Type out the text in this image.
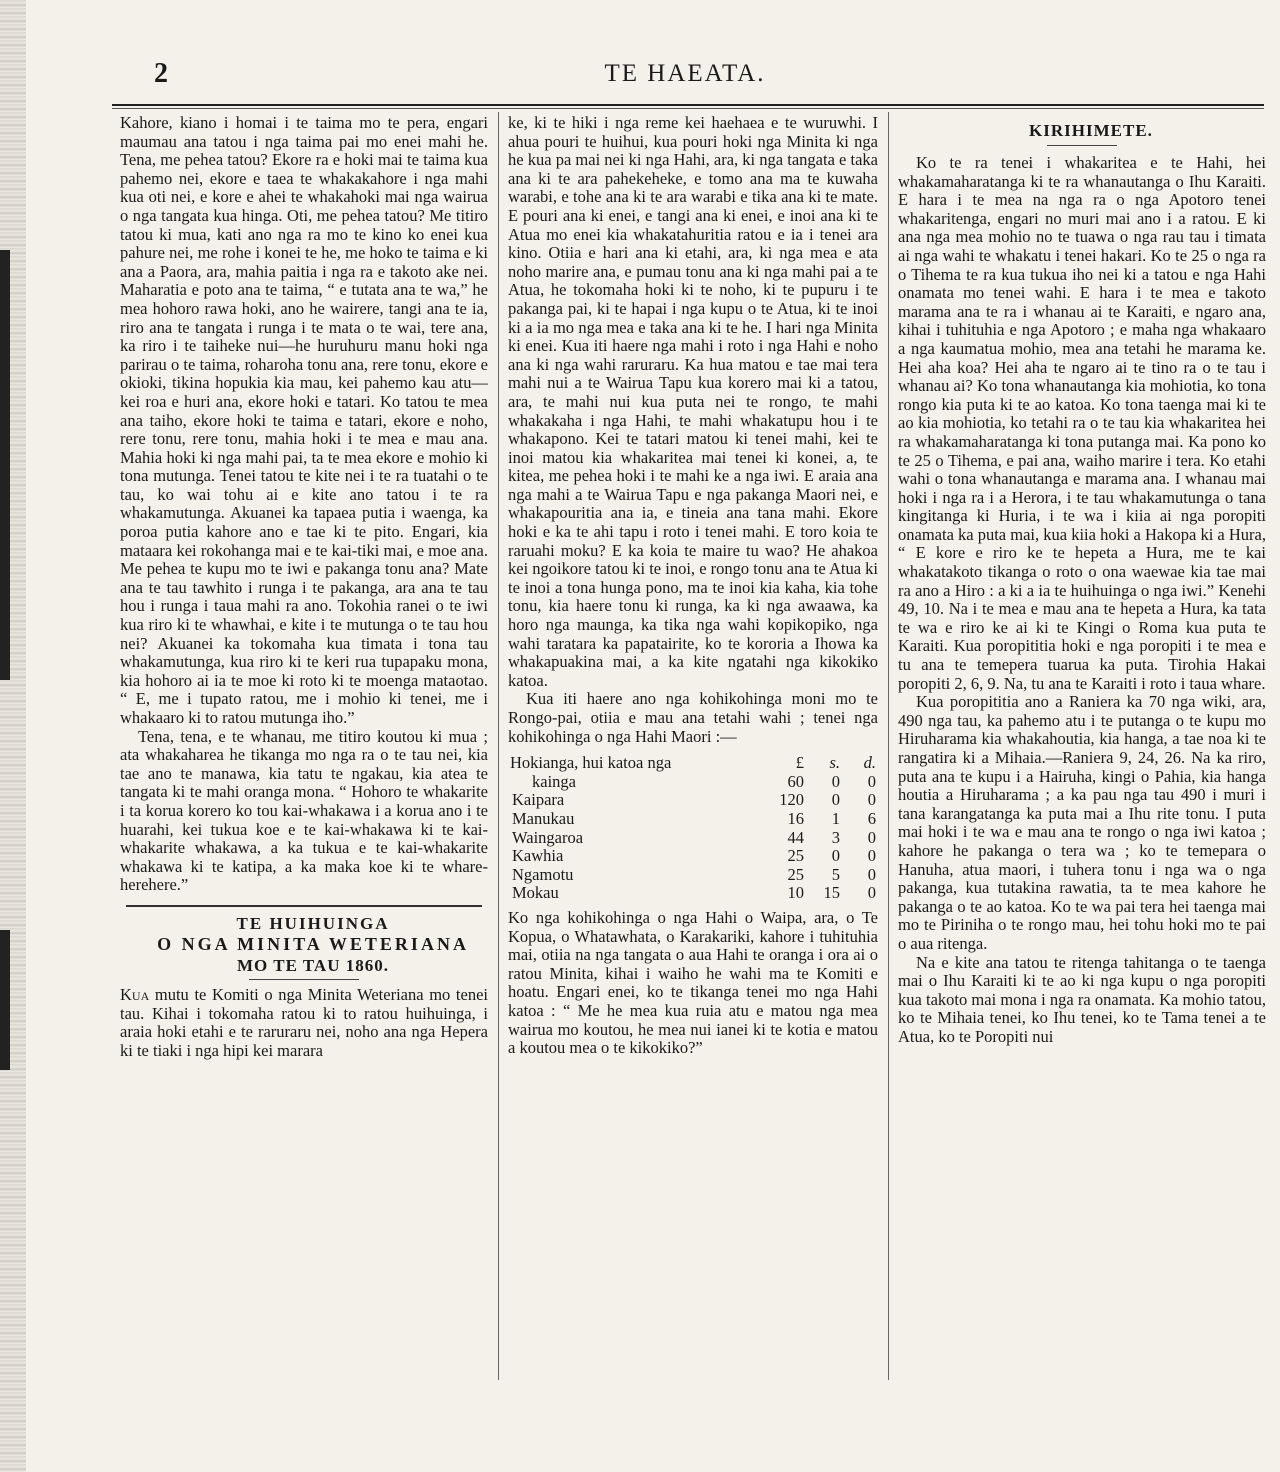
2	TE HAEATA.

Kahore, kiano i homai i te taima mo te pera, engari maumau ana tatou i nga taima pai mo enei mahi he. Tena, me pehea tatou? Ekore ra e hoki mai te taima kua pahemo nei, ekore e taea te whakakahore i nga mahi kua oti nei, e kore e ahei te whakahoki mai nga wairua o nga tangata kua hinga. Oti, me pehea tatou? Me titiro tatou ki mua, kati ano nga ra mo te kino ko enei kua pahure nei, me rohe i konei te he, me hoko te taima e ki ana a Paora, ara, mahia paitia i nga ra e takoto ake nei. Maharatia e poto ana te taima, “ e tutata ana te wa,” he mea hohoro rawa hoki, ano he wairere, tangi ana te ia, riro ana te tangata i runga i te mata o te wai, tere ana, ka riro i te taiheke nui—he huruhuru manu hoki nga parirau o te taima, roharoha tonu ana, rere tonu, ekore e okioki, tikina hopukia kia mau, kei pahemo kau atu—kei roa e huri ana, ekore hoki e tatari. Ko tatou te mea ana taiho, ekore hoki te taima e tatari, ekore e noho, rere tonu, rere tonu, mahia hoki i te mea e mau ana. Mahia hoki ki nga mahi pai, ta te mea ekore e mohio ki tona mutunga. Tenei tatou te kite nei i te ra tuatahi o te tau, ko wai tohu ai e kite ano tatou i te ra whakamutunga. Akuanei ka tapaea putia i waenga, ka poroa putia kahore ano e tae ki te pito. Engari, kia mataara kei rokohanga mai e te kai-tiki mai, e moe ana. Me pehea te kupu mo te iwi e pakanga tonu ana? Mate ana te tau tawhito i runga i te pakanga, ara ana te tau hou i runga i taua mahi ra ano. Tokohia ranei o te iwi kua riro ki te whawhai, e kite i te mutunga o te tau hou nei? Akuanei ka tokomaha kua timata i tona tau whakamutunga, kua riro ki te keri rua tupapaku mona, kia hohoro ai ia te moe ki roto ki te moenga mataotao. “ E, me i tupato ratou, me i mohio ki tenei, me i whakaaro ki to ratou mutunga iho.”

Tena, tena, e te whanau, me titiro koutou ki mua ; ata whakaharea he tikanga mo nga ra o te tau nei, kia tae ano te manawa, kia tatu te ngakau, kia atea te tangata ki te mahi oranga mona. “ Hohoro te whakarite i ta korua korero ko tou kai-whakawa i a korua ano i te huarahi, kei tukua koe e te kai-whakawa ki te kai-whakarite whakawa, a ka tukua e te kai-whakarite whakawa ki te katipa, a ka maka koe ki te whare-herehere.”

TE HUIHUINGA

O NGA MINITA WETERIANA

MO TE TAU 1860.

Kua mutu te Komiti o nga Minita Weteriana mo tenei tau. Kihai i tokomaha ratou ki to ratou huihuinga, i araia hoki etahi e te raruraru nei, noho ana nga Hepera ki te tiaki i nga hipi kei marara

ke, ki te hiki i nga reme kei haehaea e te wuruwhi. I ahua pouri te huihui, kua pouri hoki nga Minita ki nga he kua pa mai nei ki nga Hahi, ara, ki nga tangata e taka ana ki te ara pahekeheke, e tomo ana ma te kuwaha warabi, e tohe ana ki te ara warabi e tika ana ki te mate. E pouri ana ki enei, e tangi ana ki enei, e inoi ana ki te Atua mo enei kia whakatahuritia ratou e ia i tenei ara kino. Otiia e hari ana ki etahi, ara, ki nga mea e ata noho marire ana, e pumau tonu ana ki nga mahi pai a te Atua, he tokomaha hoki ki te noho, ki te pupuru i te pakanga pai, ki te hapai i nga kupu o te Atua, ki te inoi ki a ia mo nga mea e taka ana ki te he. I hari nga Minita ki enei. Kua iti haere nga mahi i roto i nga Hahi e noho ana ki nga wahi raruraru. Ka hua matou e tae mai tera mahi nui a te Wairua Tapu kua korero mai ki a tatou, ara, te mahi nui kua puta nei te rongo, te mahi whakakaha i nga Hahi, te mahi whakatupu hou i te whakapono. Kei te tatari matou ki tenei mahi, kei te inoi matou kia whakaritea mai tenei ki konei, a, te kitea, me pehea hoki i te mahi ke a nga iwi. E araia ana nga mahi a te Wairua Tapu e nga pakanga Maori nei, e whakapouritia ana ia, e tineia ana tana mahi. Ekore hoki e ka te ahi tapu i roto i tenei mahi. E toro koia te raruahi moku? E ka koia te maire tu wao? He ahakoa kei ngoikore tatou ki te inoi, e rongo tonu ana te Atua ki te inoi a tona hunga pono, ma te inoi kia kaha, kia tohe tonu, kia haere tonu ki runga, ka ki nga awaawa, ka horo nga maunga, ka tika nga wahi kopikopiko, nga wahi taratara ka papatairite, ko te kororia a Ihowa ka whakapuakina mai, a ka kite ngatahi nga kikokiko katoa.

Kua iti haere ano nga kohikohinga moni mo te Rongo-pai, otiia e mau ana tetahi wahi ; tenei nga kohikohinga o nga Hahi Maori :—

Hokianga, hui katoa nga	£	s.	d.
kainga	60	0	0
Kaipara	120	0	0
Manukau	16	1	6
Waingaroa	44	3	0
Kawhia	25	0	0
Ngamotu	25	5	0
Mokau	10	15	0

Ko nga kohikohinga o nga Hahi o Waipa, ara, o Te Kopua, o Whatawhata, o Karakariki, kahore i tuhituhia mai, otiia na nga tangata o aua Hahi te oranga i ora ai o ratou Minita, kihai i waiho he wahi ma te Komiti e hoatu. Engari enei, ko te tikanga tenei mo nga Hahi katoa : “ Me he mea kua ruia atu e matou nga mea wairua mo koutou, he mea nui ianei ki te kotia e matou a koutou mea o te kikokiko?”

KIRIHIMETE.

Ko te ra tenei i whakaritea e te Hahi, hei whakamaharatanga ki te ra whanautanga o Ihu Karaiti. E hara i te mea na nga ra o nga Apotoro tenei whakaritenga, engari no muri mai ano i a ratou. E ki ana nga mea mohio no te tuawa o nga rau tau i timata ai nga wahi te whakatu i tenei hakari. Ko te 25 o nga ra o Tihema te ra kua tukua iho nei ki a tatou e nga Hahi onamata mo tenei wahi. E hara i te mea e takoto marama ana te ra i whanau ai te Karaiti, e ngaro ana, kihai i tuhituhia e nga Apotoro ; e maha nga whakaaro a nga kaumatua mohio, mea ana tetahi he marama ke. Hei aha koa? Hei aha te ngaro ai te tino ra o te tau i whanau ai? Ko tona whanautanga kia mohiotia, ko tona rongo kia puta ki te ao katoa. Ko tona taenga mai ki te ao kia mohiotia, ko tetahi ra o te tau kia whakaritea hei ra whakamaharatanga ki tona putanga mai. Ka pono ko te 25 o Tihema, e pai ana, waiho marire i tera. Ko etahi wahi o tona whanautanga e marama ana. I whanau mai hoki i nga ra i a Herora, i te tau whakamutunga o tana kingitanga ki Huria, i te wa i kiia ai nga poropiti onamata ka puta mai, kua kiia hoki a Hakopa ki a Hura, “ E kore e riro ke te hepeta a Hura, me te kai whakatakoto tikanga o roto o ona waewae kia tae mai ra ano a Hiro : a ki a ia te huihuinga o nga iwi.” Kenehi 49, 10. Na i te mea e mau ana te hepeta a Hura, ka tata te wa e riro ke ai ki te Kingi o Roma kua puta te Karaiti. Kua poropititia hoki e nga poropiti i te mea e tu ana te temepera tuarua ka puta. Tirohia Hakai poropiti 2, 6, 9. Na, tu ana te Karaiti i roto i taua whare.

Kua poropititia ano a Raniera ka 70 nga wiki, ara, 490 nga tau, ka pahemo atu i te putanga o te kupu mo Hiruharama kia whakahoutia, kia hanga, a tae noa ki te rangatira ki a Mihaia.—Raniera 9, 24, 26. Na ka riro, puta ana te kupu i a Hairuha, kingi o Pahia, kia hanga houtia a Hiruharama ; a ka pau nga tau 490 i muri i tana karangatanga ka puta mai a Ihu rite tonu. I puta mai hoki i te wa e mau ana te rongo o nga iwi katoa ; kahore he pakanga o tera wa ; ko te temepara o Hanuha, atua maori, i tuhera tonu i nga wa o nga pakanga, kua tutakina rawatia, ta te mea kahore he pakanga o te ao katoa. Ko te wa pai tera hei taenga mai mo te Piriniha o te rongo mau, hei tohu hoki mo te pai o aua ritenga.

Na e kite ana tatou te ritenga tahitanga o te taenga mai o Ihu Karaiti ki te ao ki nga kupu o nga poropiti kua takoto mai mona i nga ra onamata. Ka mohio tatou, ko te Mihaia tenei, ko Ihu tenei, ko te Tama tenei a te Atua, ko te Poropiti nui
